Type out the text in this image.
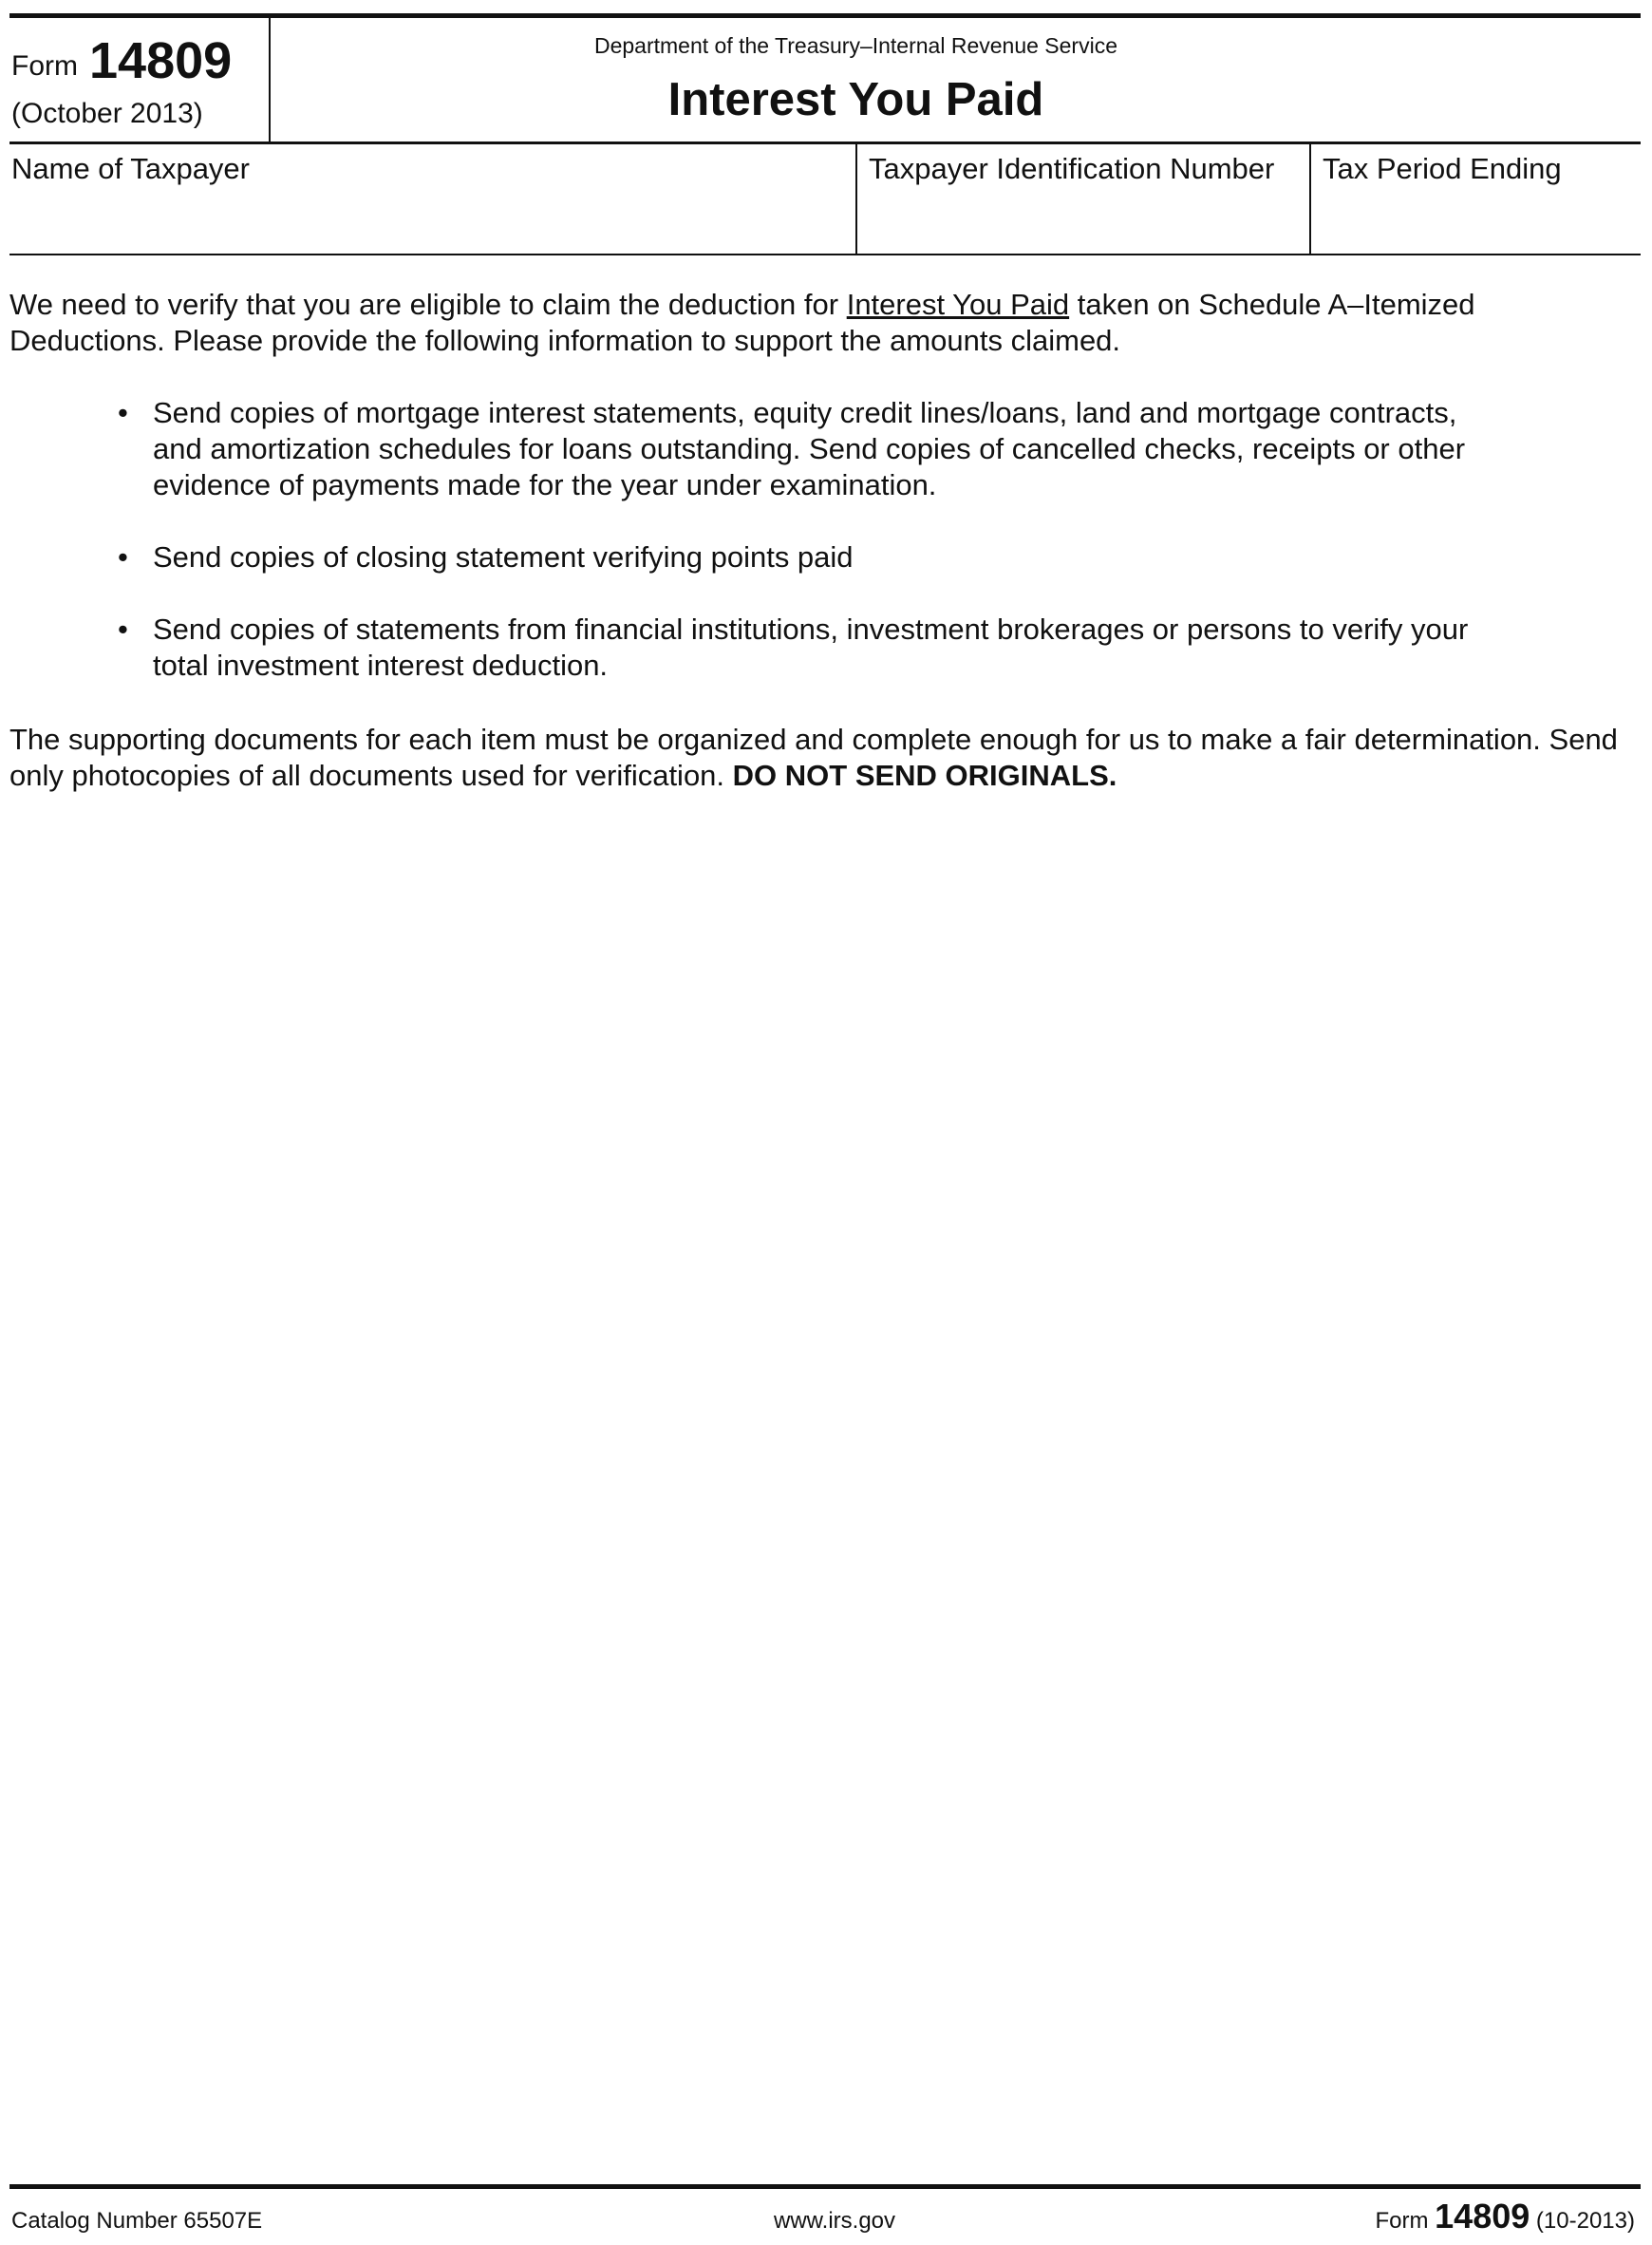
Form 14809
(October 2013)
Department of the Treasury–Internal Revenue Service
Interest You Paid
Name of Taxpayer	Taxpayer Identification Number	Tax Period Ending
We need to verify that you are eligible to claim the deduction for Interest You Paid taken on Schedule A–Itemized Deductions. Please provide the following information to support the amounts claimed.
• Send copies of mortgage interest statements, equity credit lines/loans, land and mortgage contracts, and amortization schedules for loans outstanding. Send copies of cancelled checks, receipts or other evidence of payments made for the year under examination.
• Send copies of closing statement verifying points paid
• Send copies of statements from financial institutions, investment brokerages or persons to verify your total investment interest deduction.
The supporting documents for each item must be organized and complete enough for us to make a fair determination. Send only photocopies of all documents used for verification. DO NOT SEND ORIGINALS.
Catalog Number 65507E	www.irs.gov	Form 14809 (10-2013)
